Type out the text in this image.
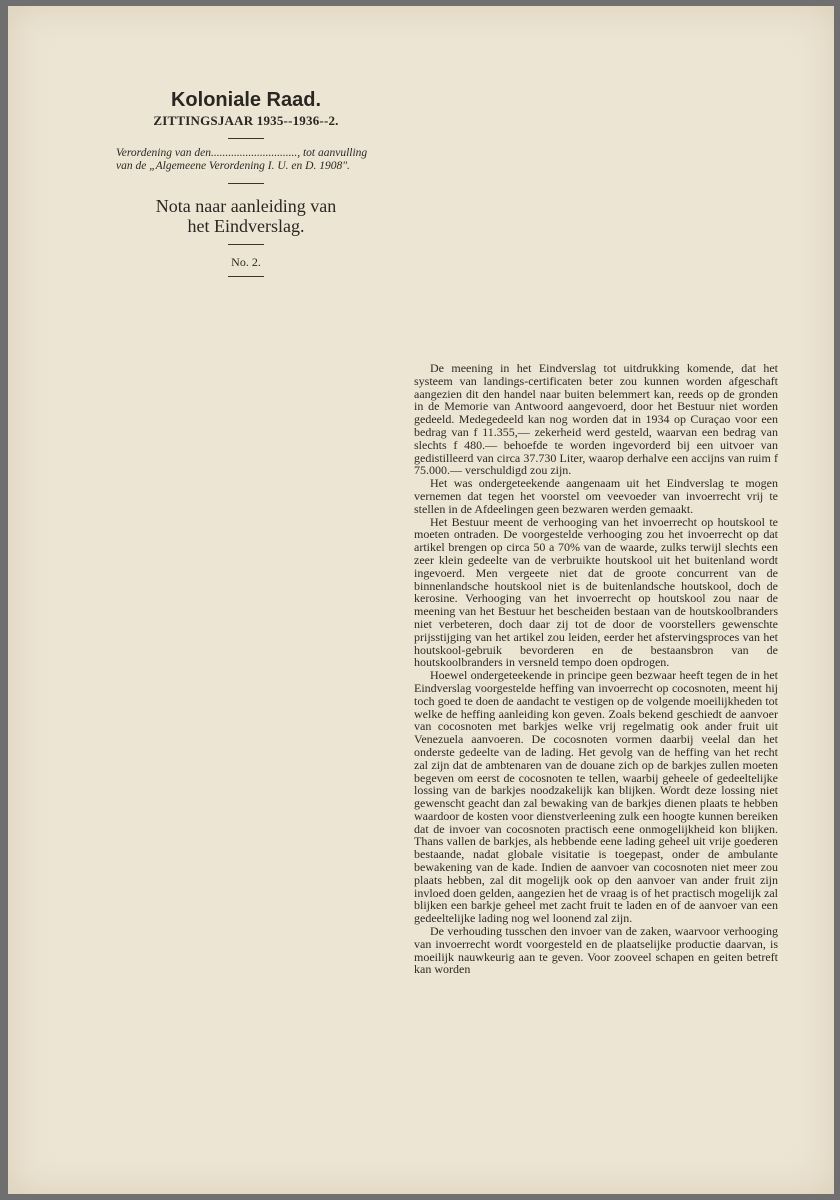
Koloniale Raad.

ZITTINGSJAAR 1935--1936--2.

Verordening van den.............................., tot aanvulling van de „Algemeene Verordening I. U. en D. 1908".

Nota naar aanleiding van
het Eindverslag.

No. 2.

De meening in het Eindverslag tot uitdrukking komende, dat het systeem van landings-certificaten beter zou kunnen worden afgeschaft aangezien dit den handel naar buiten belemmert kan, reeds op de gronden in de Memorie van Antwoord aangevoerd, door het Bestuur niet worden gedeeld. Medegedeeld kan nog worden dat in 1934 op Curaçao voor een bedrag van f 11.355,— zekerheid werd gesteld, waarvan een bedrag van slechts f 480.— behoefde te worden ingevorderd bij een uitvoer van gedistilleerd van circa 37.730 Liter, waarop derhalve een accijns van ruim f 75.000.— verschuldigd zou zijn.

Het was ondergeteekende aangenaam uit het Eindverslag te mogen vernemen dat tegen het voorstel om veevoeder van invoerrecht vrij te stellen in de Afdeelingen geen bezwaren werden gemaakt.

Het Bestuur meent de verhooging van het invoerrecht op houtskool te moeten ontraden. De voorgestelde verhooging zou het invoerrecht op dat artikel brengen op circa 50 a 70% van de waarde, zulks terwijl slechts een zeer klein gedeelte van de verbruikte houtskool uit het buitenland wordt ingevoerd. Men vergeete niet dat de groote concurrent van de binnenlandsche houtskool niet is de buitenlandsche houtskool, doch de kerosine. Verhooging van het invoerrecht op houtskool zou naar de meening van het Bestuur het bescheiden bestaan van de houtskoolbranders niet verbeteren, doch daar zij tot de door de voorstellers gewenschte prijsstijging van het artikel zou leiden, eerder het afstervingsproces van het houtskool-gebruik bevorderen en de bestaansbron van de houtskoolbranders in versneld tempo doen opdrogen.

Hoewel ondergeteekende in principe geen bezwaar heeft tegen de in het Eindverslag voorgestelde heffing van invoerrecht op cocosnoten, meent hij toch goed te doen de aandacht te vestigen op de volgende moeilijkheden tot welke de heffing aanleiding kon geven. Zoals bekend geschiedt de aanvoer van cocosnoten met barkjes welke vrij regelmatig ook ander fruit uit Venezuela aanvoeren. De cocosnoten vormen daarbij veelal dan het onderste gedeelte van de lading. Het gevolg van de heffing van het recht zal zijn dat de ambtenaren van de douane zich op de barkjes zullen moeten begeven om eerst de cocosnoten te tellen, waarbij geheele of gedeeltelijke lossing van de barkjes noodzakelijk kan blijken. Wordt deze lossing niet gewenscht geacht dan zal bewaking van de barkjes dienen plaats te hebben waardoor de kosten voor dienstverleening zulk een hoogte kunnen bereiken dat de invoer van cocosnoten practisch eene onmogelijkheid kon blijken. Thans vallen de barkjes, als hebbende eene lading geheel uit vrije goederen bestaande, nadat globale visitatie is toegepast, onder de ambulante bewakening van de kade. Indien de aanvoer van cocosnoten niet meer zou plaats hebben, zal dit mogelijk ook op den aanvoer van ander fruit zijn invloed doen gelden, aangezien het de vraag is of het practisch mogelijk zal blijken een barkje geheel met zacht fruit te laden en of de aanvoer van een gedeeltelijke lading nog wel loonend zal zijn.

De verhouding tusschen den invoer van de zaken, waarvoor verhooging van invoerrecht wordt voorgesteld en de plaatselijke productie daarvan, is moeilijk nauwkeurig aan te geven. Voor zooveel schapen en geiten betreft kan worden
